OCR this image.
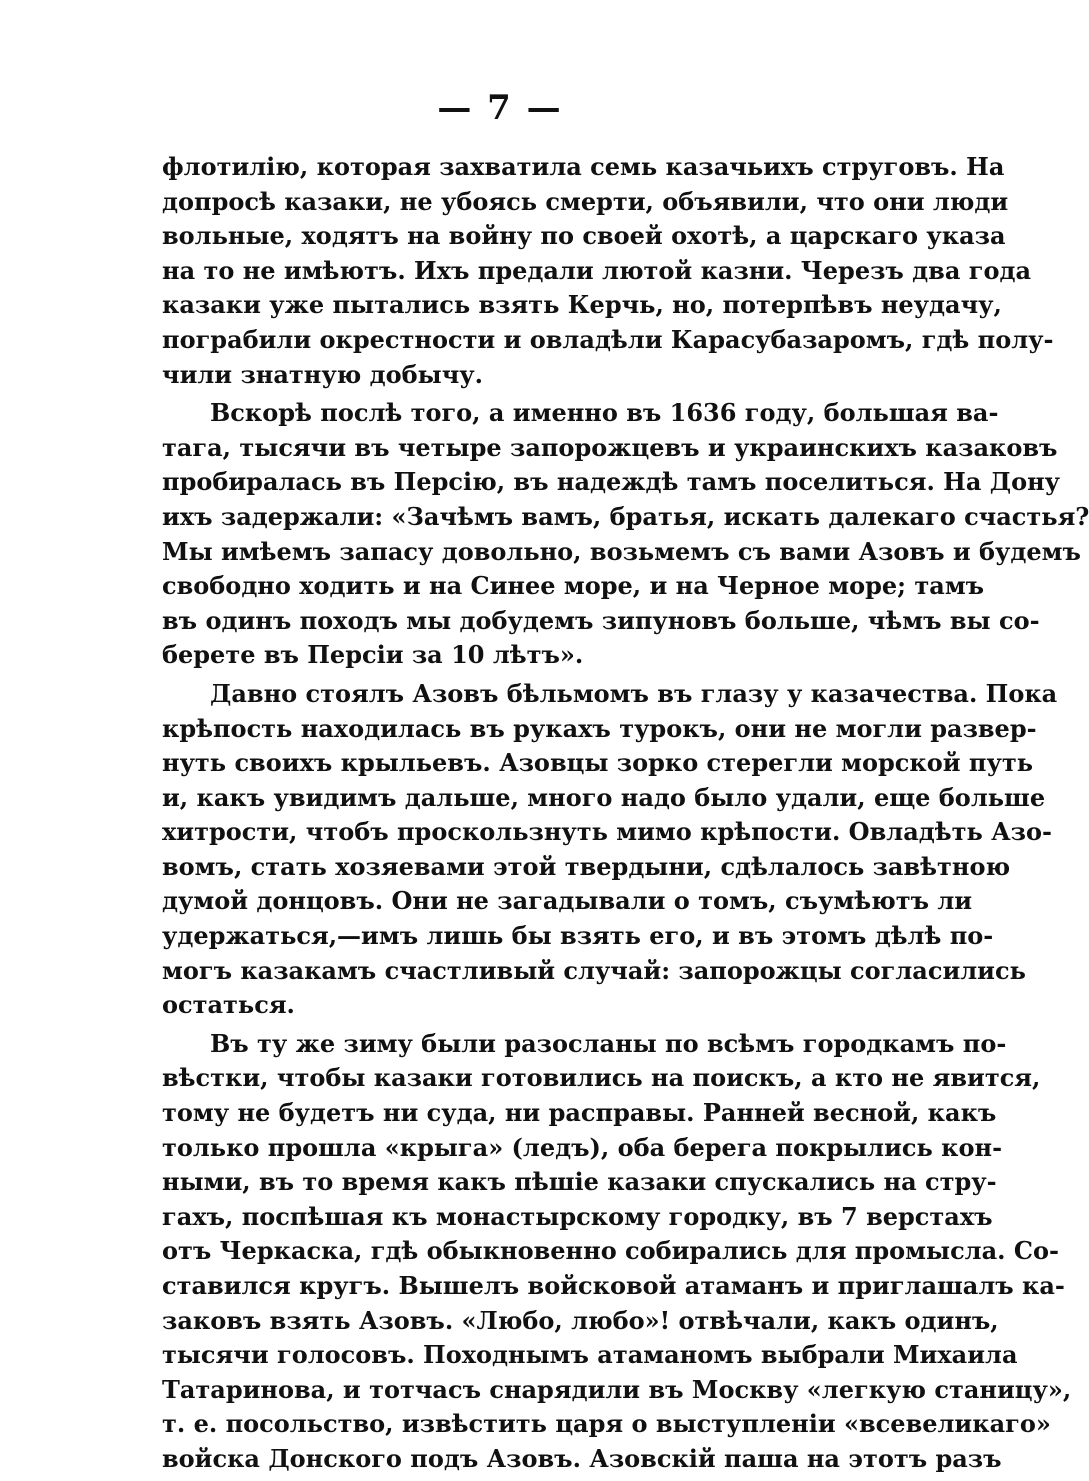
— 7 —
флотилію, которая захватила семь казачьихъ струговъ. На
допросѣ казаки, не убоясь смерти, объявили, что они люди
вольные, ходятъ на войну по своей охотѣ, а царскаго указа
на то не имѣютъ. Ихъ предали лютой казни. Черезъ два года
казаки уже пытались взять Керчь, но, потерпѣвъ неудачу,
пограбили окрестности и овладѣли Карасубазаромъ, гдѣ полу-
чили знатную добычу.
Вскорѣ послѣ того, а именно въ 1636 году, большая ва-
тага, тысячи въ четыре запорожцевъ и украинскихъ казаковъ
пробиралась въ Персію, въ надеждѣ тамъ поселиться. На Дону
ихъ задержали: «Зачѣмъ вамъ, братья, искать далекаго счастья?
Мы имѣемъ запасу довольно, возьмемъ съ вами Азовъ и будемъ
свободно ходить и на Синее море, и на Черное море; тамъ
въ одинъ походъ мы добудемъ зипуновъ больше, чѣмъ вы со-
берете въ Персіи за 10 лѣтъ».
Давно стоялъ Азовъ бѣльмомъ въ глазу у казачества. Пока
крѣпость находилась въ рукахъ турокъ, они не могли развер-
нуть своихъ крыльевъ. Азовцы зорко стерегли морской путь
и, какъ увидимъ дальше, много надо было удали, еще больше
хитрости, чтобъ проскользнуть мимо крѣпости. Овладѣть Азо-
вомъ, стать хозяевами этой твердыни, сдѣлалось завѣтною
думой донцовъ. Они не загадывали о томъ, съумѣютъ ли
удержаться,—имъ лишь бы взять его, и въ этомъ дѣлѣ по-
могъ казакамъ счастливый случай: запорожцы согласились
остаться.
Въ ту же зиму были разосланы по всѣмъ городкамъ по-
вѣстки, чтобы казаки готовились на поискъ, а кто не явится,
тому не будетъ ни суда, ни расправы. Ранней весной, какъ
только прошла «крыга» (ледъ), оба берега покрылись кон-
ными, въ то время какъ пѣшіе казаки спускались на стру-
гахъ, поспѣшая къ монастырскому городку, въ 7 верстахъ
отъ Черкаска, гдѣ обыкновенно собирались для промысла. Со-
ставился кругъ. Вышелъ войсковой атаманъ и приглашалъ ка-
заковъ взять Азовъ. «Любо, любо»! отвѣчали, какъ одинъ,
тысячи голосовъ. Походнымъ атаманомъ выбрали Михаила
Татаринова, и тотчасъ снарядили въ Москву «легкую станицу»,
т. е. посольство, извѣстить царя о выступленіи «всевеликаго»
войска Донского подъ Азовъ. Азовскій паша на этотъ разъ
